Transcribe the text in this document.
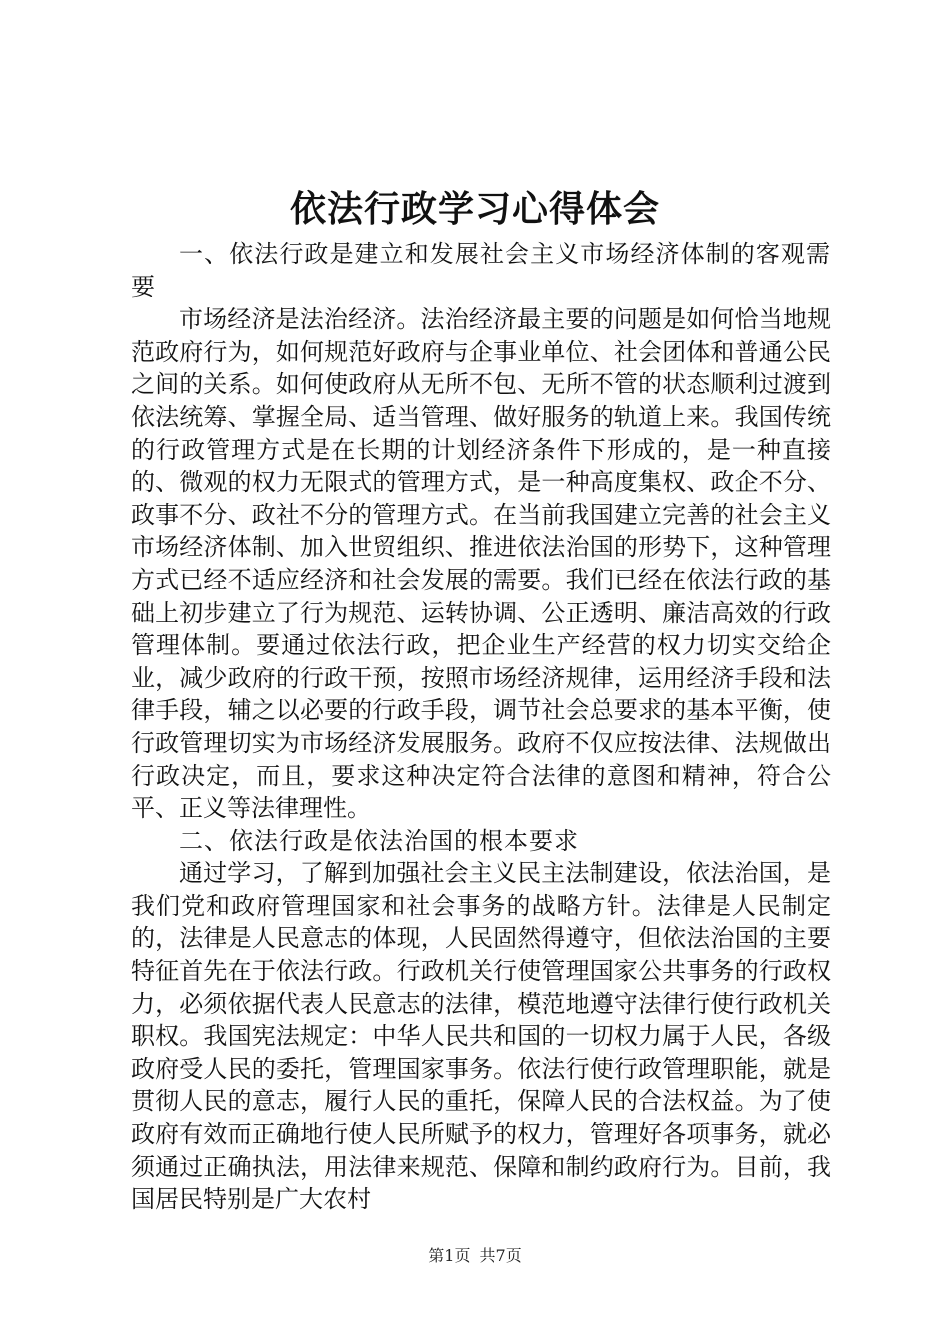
依法行政学习心得体会

一、依法行政是建立和发展社会主义市场经济体制的客观需要

市场经济是法治经济。法治经济最主要的问题是如何恰当地规范政府行为，如何规范好政府与企事业单位、社会团体和普通公民之间的关系。如何使政府从无所不包、无所不管的状态顺利过渡到依法统筹、掌握全局、适当管理、做好服务的轨道上来。我国传统的行政管理方式是在长期的计划经济条件下形成的，是一种直接的、微观的权力无限式的管理方式，是一种高度集权、政企不分、政事不分、政社不分的管理方式。在当前我国建立完善的社会主义市场经济体制、加入世贸组织、推进依法治国的形势下，这种管理方式已经不适应经济和社会发展的需要。我们已经在依法行政的基础上初步建立了行为规范、运转协调、公正透明、廉洁高效的行政管理体制。要通过依法行政，把企业生产经营的权力切实交给企业，减少政府的行政干预，按照市场经济规律，运用经济手段和法律手段，辅之以必要的行政手段，调节社会总要求的基本平衡，使行政管理切实为市场经济发展服务。政府不仅应按法律、法规做出行政决定，而且，要求这种决定符合法律的意图和精神，符合公平、正义等法律理性。

二、依法行政是依法治国的根本要求

通过学习，了解到加强社会主义民主法制建设，依法治国，是我们党和政府管理国家和社会事务的战略方针。法律是人民制定的，法律是人民意志的体现，人民固然得遵守，但依法治国的主要特征首先在于依法行政。行政机关行使管理国家公共事务的行政权力，必须依据代表人民意志的法律，模范地遵守法律行使行政机关职权。我国宪法规定：中华人民共和国的一切权力属于人民，各级政府受人民的委托，管理国家事务。依法行使行政管理职能，就是贯彻人民的意志，履行人民的重托，保障人民的合法权益。为了使政府有效而正确地行使人民所赋予的权力，管理好各项事务，就必须通过正确执法，用法律来规范、保障和制约政府行为。目前，我国居民特别是广大农村

第1页 共7页
